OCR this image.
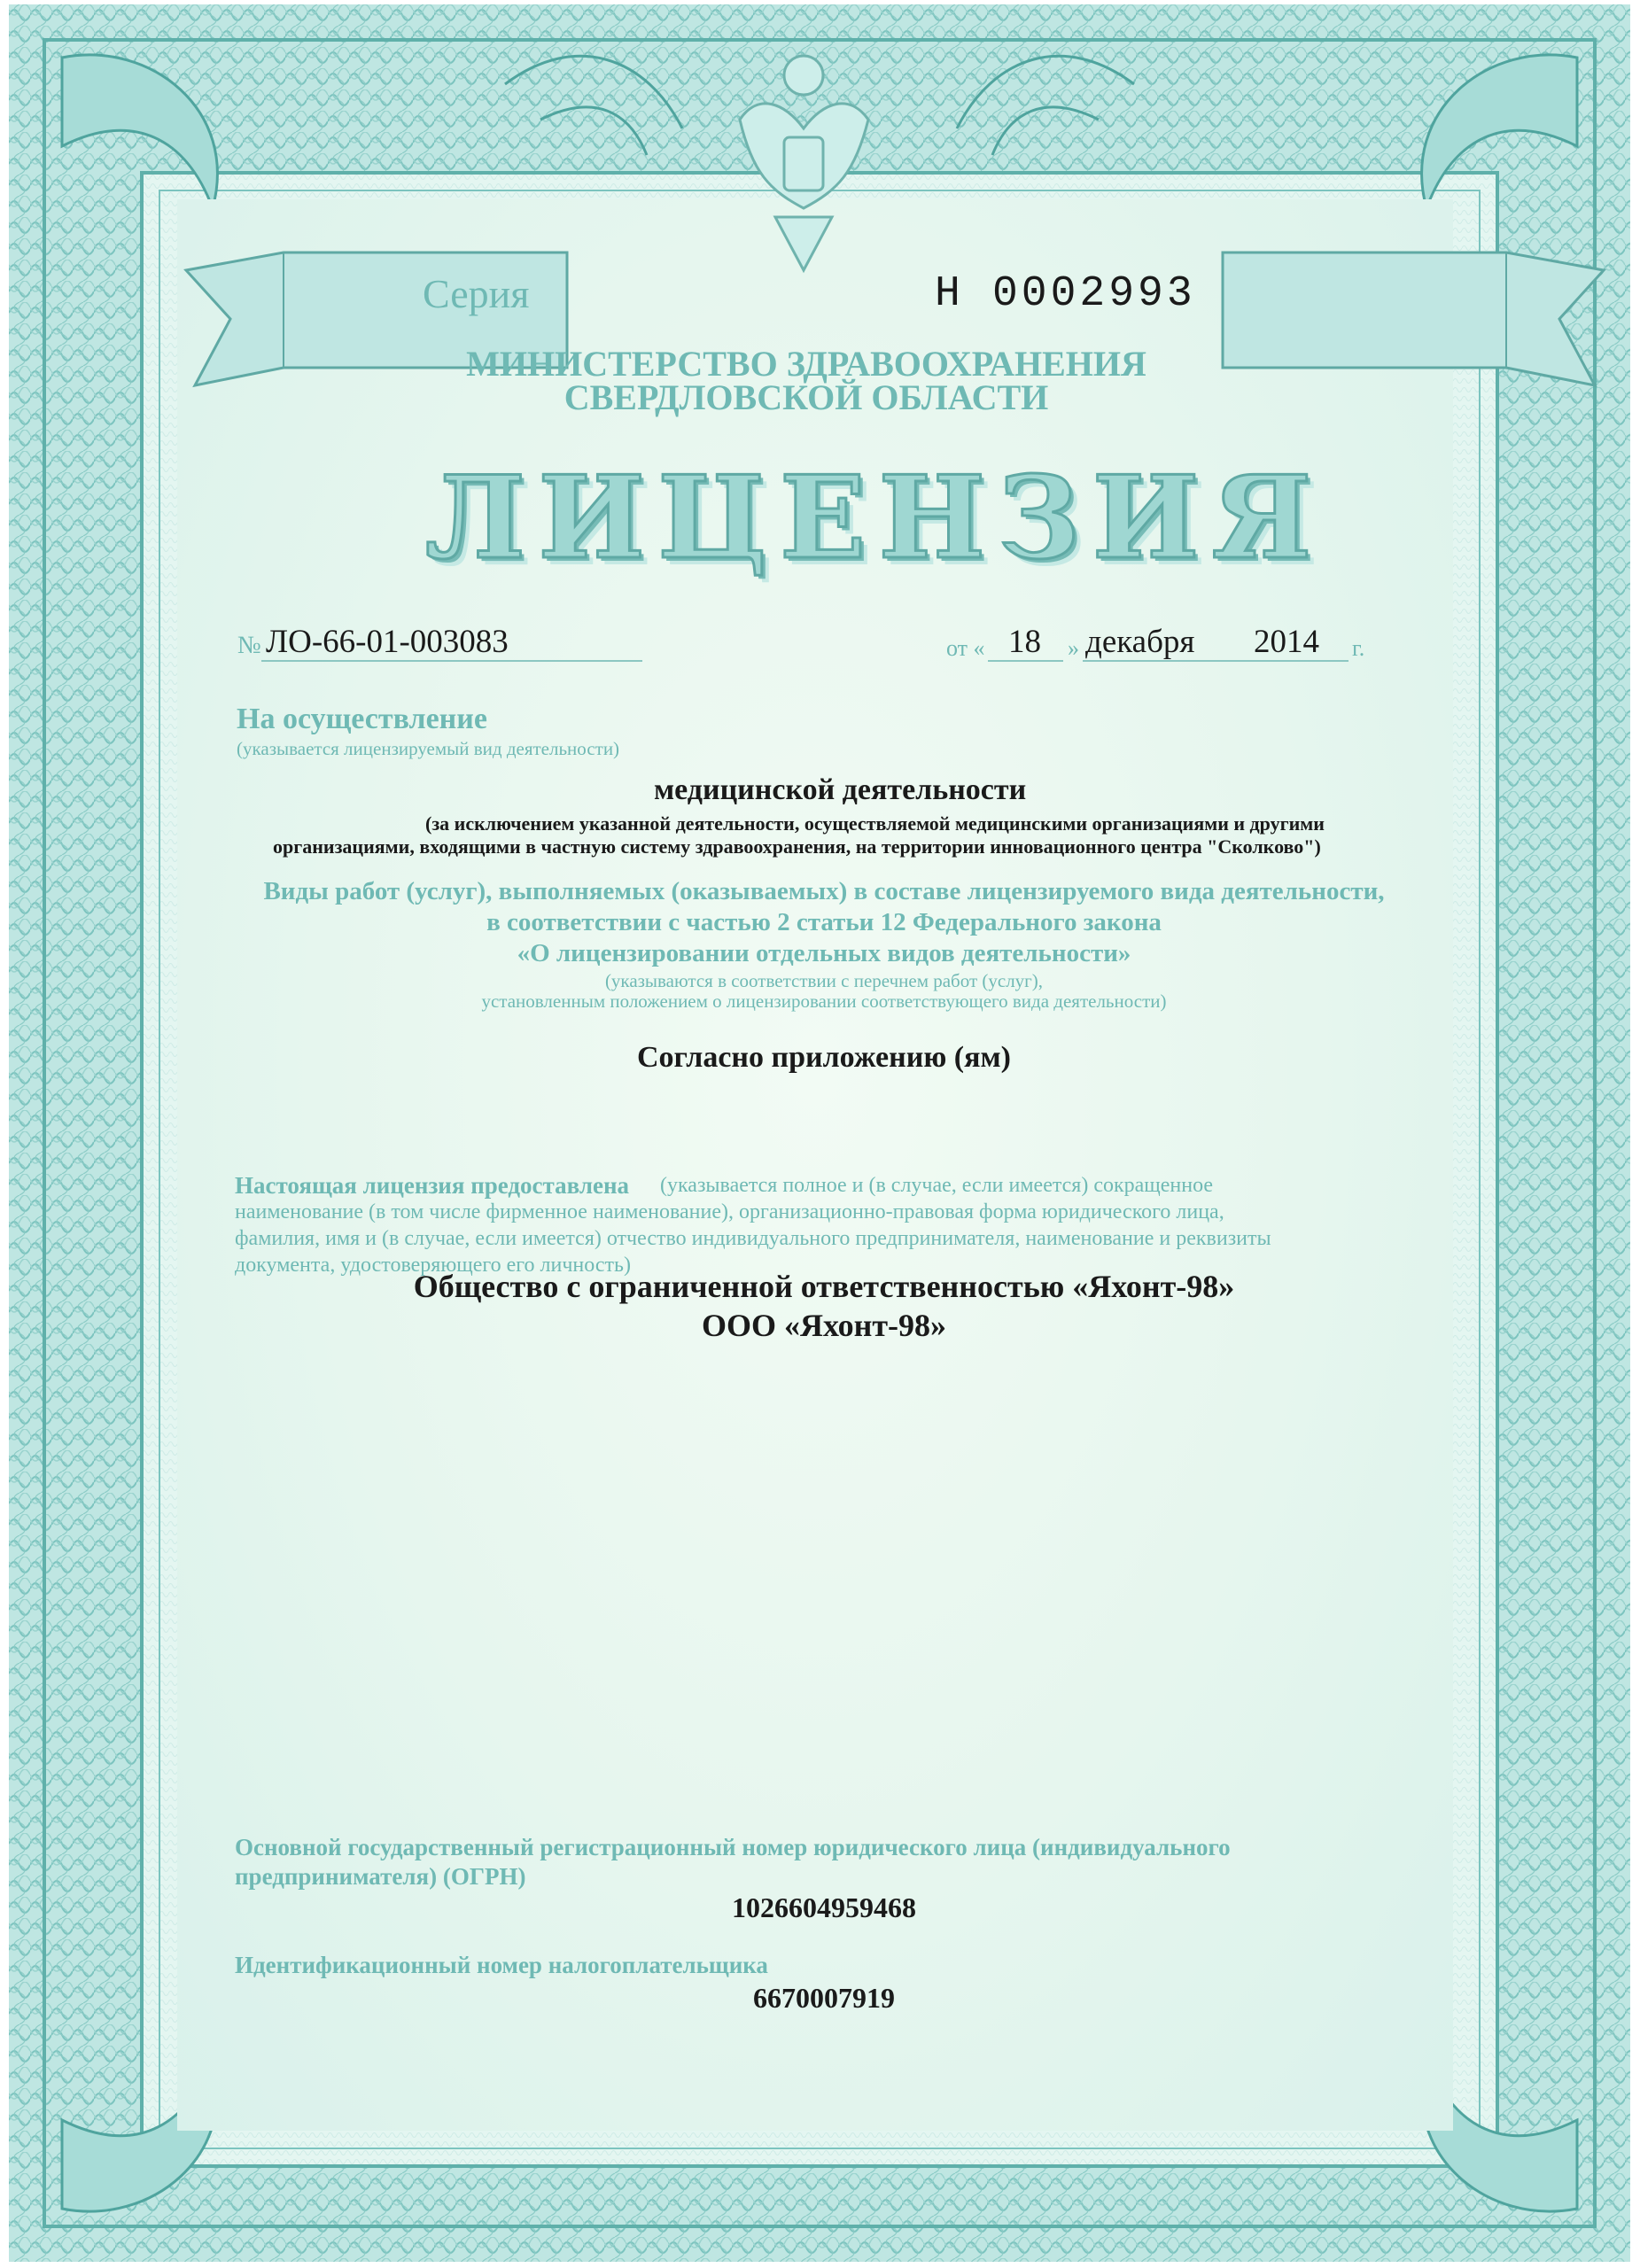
Серия	Н 0002993
МИНИСТЕРСТВО ЗДРАВООХРАНЕНИЯ
СВЕРДЛОВСКОЙ ОБЛАСТИ
ЛИЦЕНЗИЯ
№ ЛО-66-01-003083	от « 18 » декабря 2014 г.
На осуществление
(указывается лицензируемый вид деятельности)
медицинской деятельности
(за исключением указанной деятельности, осуществляемой медицинскими организациями и другими
организациями, входящими в частную систему здравоохранения, на территории инновационного центра "Сколково")
Виды работ (услуг), выполняемых (оказываемых) в составе лицензируемого вида деятельности,
в соответствии с частью 2 статьи 12 Федерального закона
«О лицензировании отдельных видов деятельности»
(указываются в соответствии с перечнем работ (услуг),
установленным положением о лицензировании соответствующего вида деятельности)
Согласно приложению (ям)
Настоящая лицензия предоставлена (указывается полное и (в случае, если имеется) сокращенное
наименование (в том числе фирменное наименование), организационно-правовая форма юридического лица,
фамилия, имя и (в случае, если имеется) отчество индивидуального предпринимателя, наименование и реквизиты
документа, удостоверяющего его личность)
Общество с ограниченной ответственностью «Яхонт-98»
ООО «Яхонт-98»
Основной государственный регистрационный номер юридического лица (индивидуального
предпринимателя) (ОГРН)
1026604959468
Идентификационный номер налогоплательщика
6670007919
